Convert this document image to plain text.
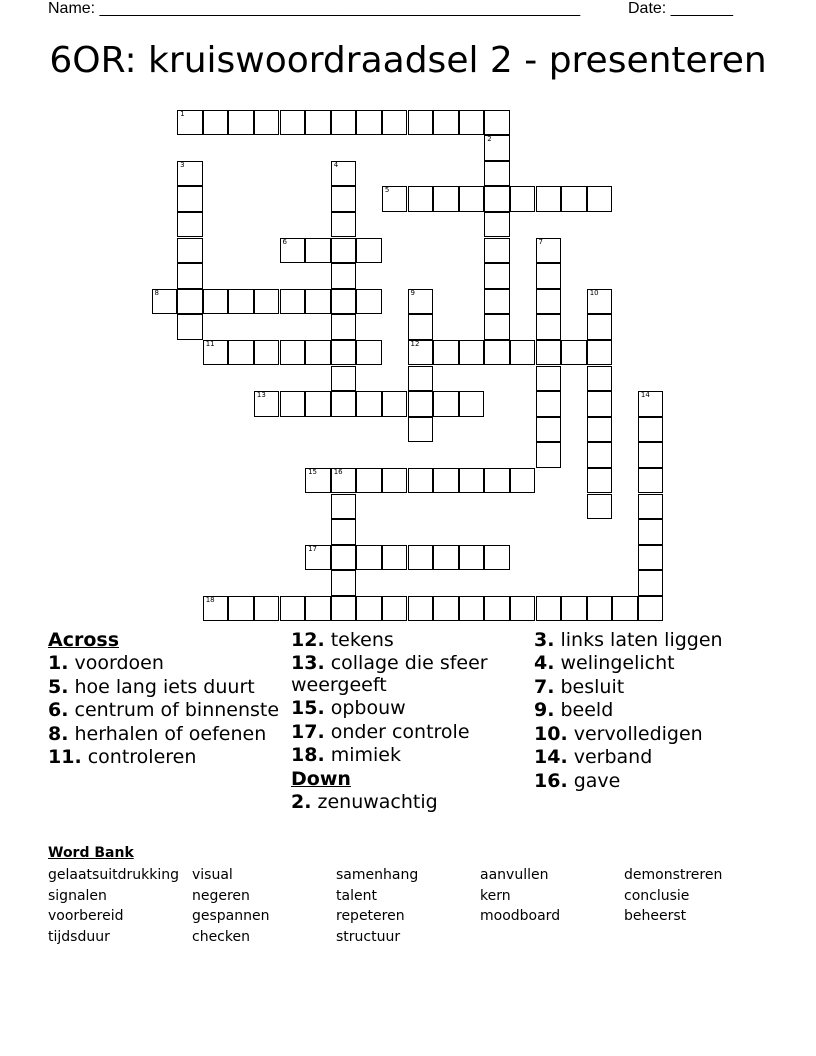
Name: ______________________________________________________	Date: _______
6OR: kruiswoordraadsel 2 - presenteren
1
2
3	4
5
6	7
8	9
12
10
11
13	14
15 16
17
18
Across
1. voordoen
5. hoe lang iets duurt
6. centrum of binnenste
8. herhalen of oefenen
11. controleren
12. tekens
13. collage die sfeer weergeeft
15. opbouw
17. onder controle
18. mimiek
Down
2. zenuwachtig
3. links laten liggen
4. welingelicht
7. besluit
9. beeld
10. vervolledigen
14. verband
16. gave
Word Bank
gelaatsuitdrukking visual	samenhang	aanvullen	demonstreren
signalen	negeren	talent	kern	conclusie
voorbereid	gespannen	repeteren	moodboard	beheerst
tijdsduur	checken	structuur
